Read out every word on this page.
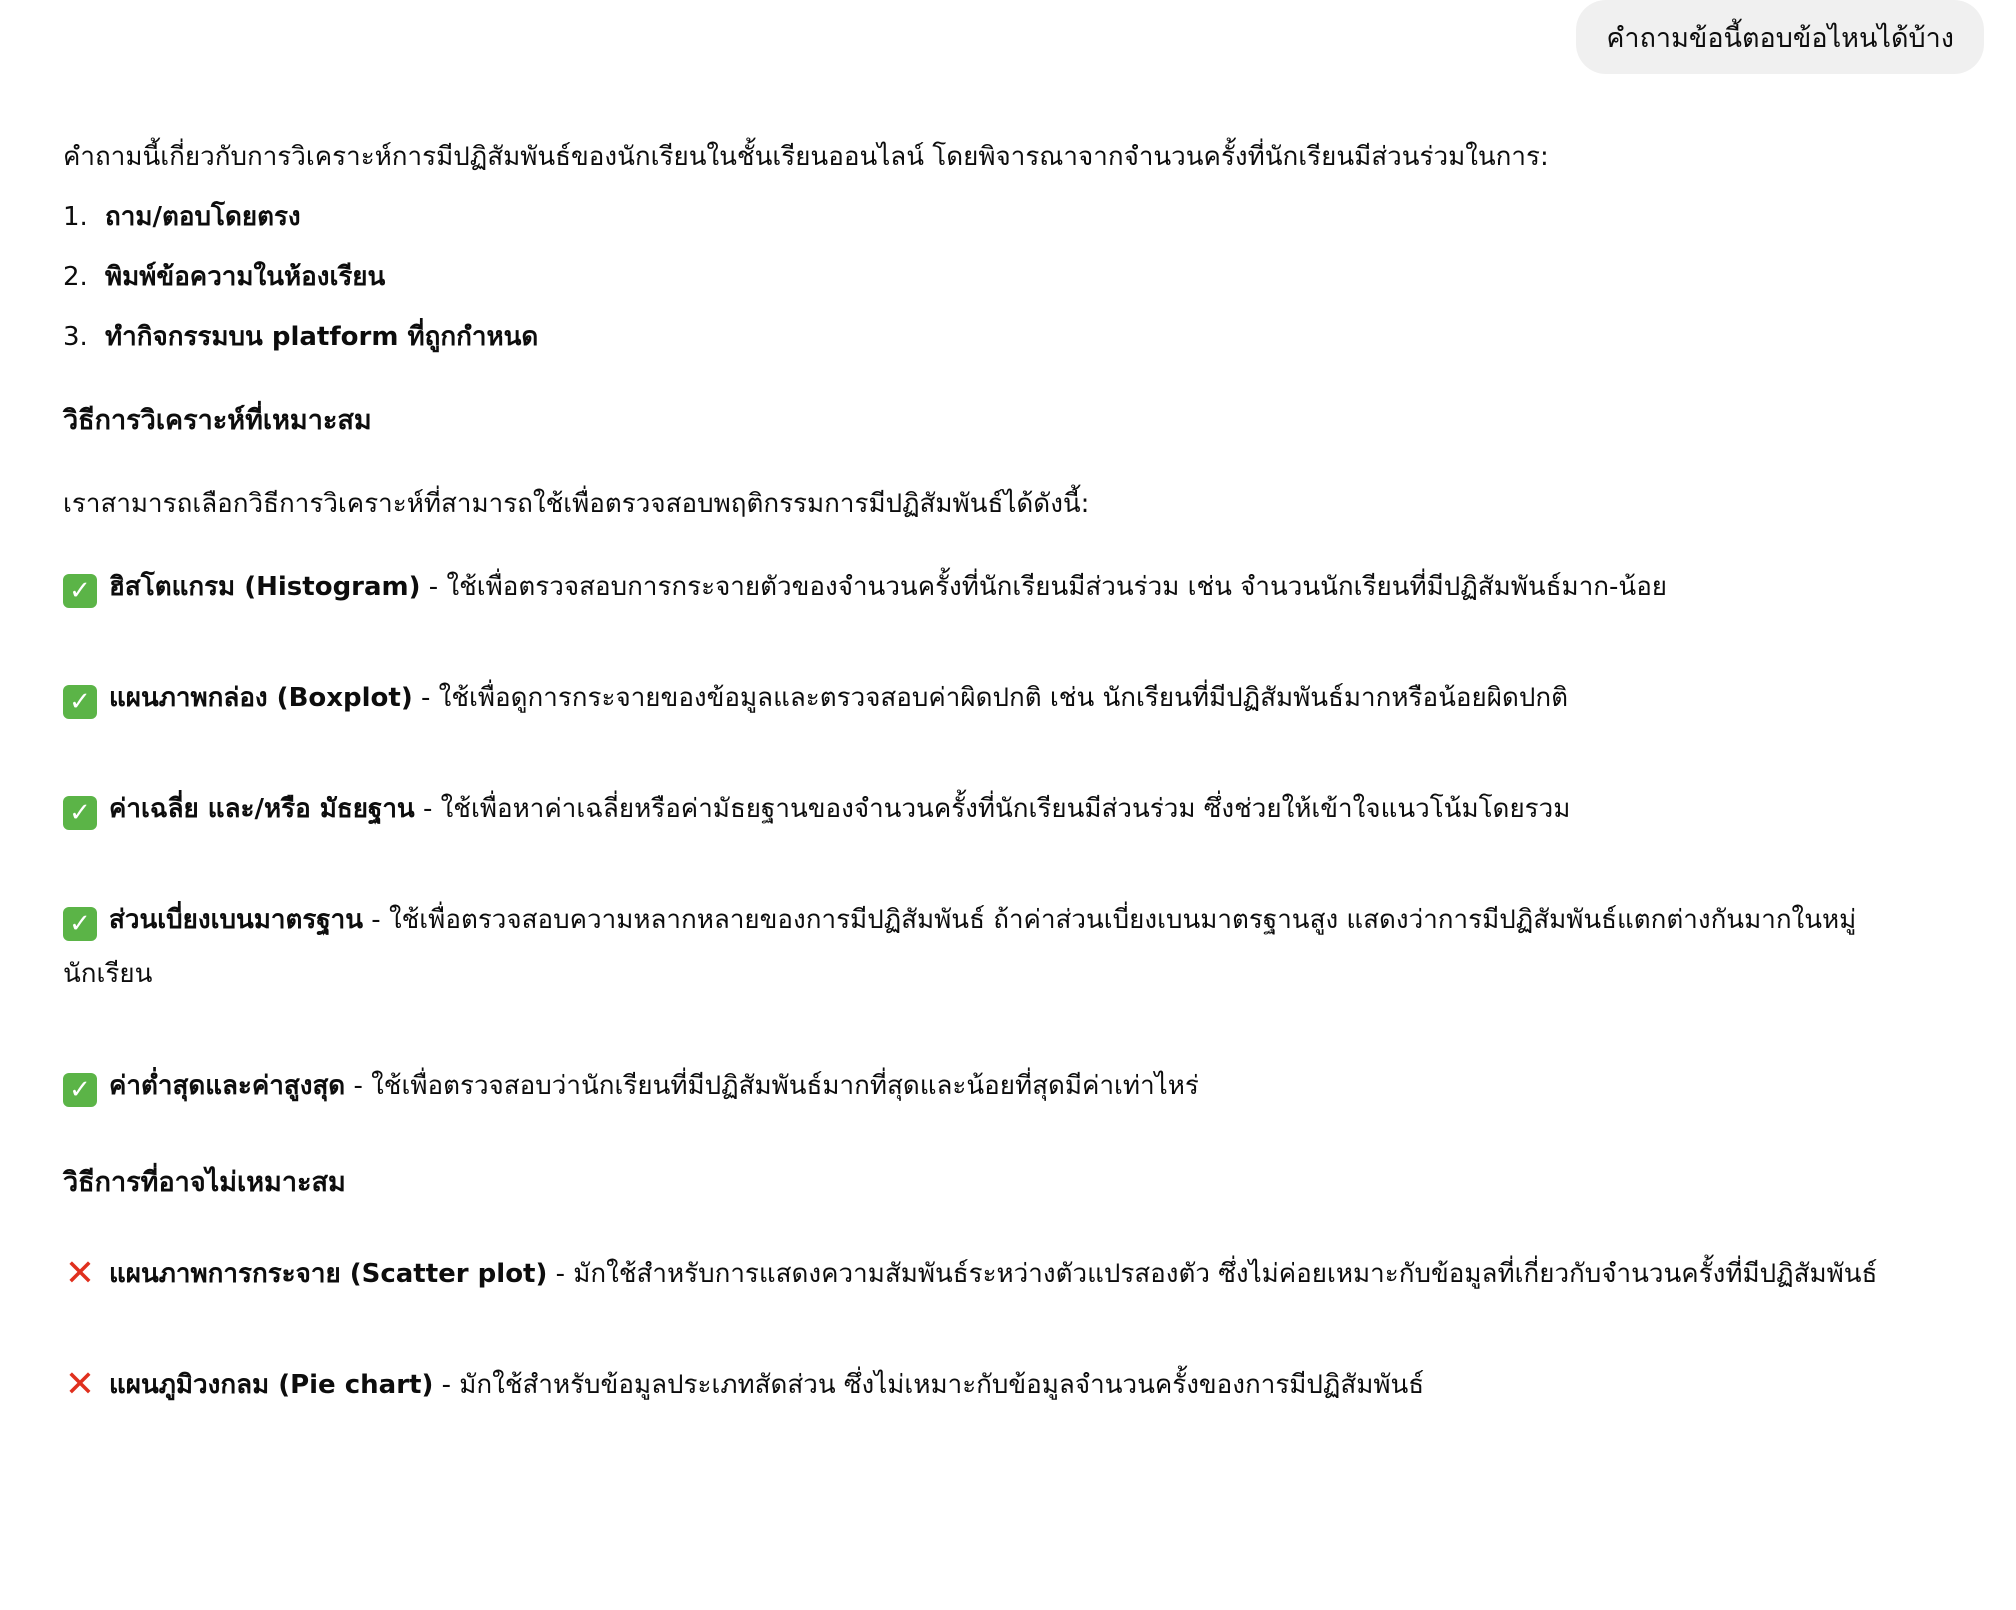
คำถามข้อนี้ตอบข้อไหนได้บ้าง
คำถามนี้เกี่ยวกับการวิเคราะห์การมีปฏิสัมพันธ์ของนักเรียนในชั้นเรียนออนไลน์ โดยพิจารณาจากจำนวนครั้งที่นักเรียนมีส่วนร่วมในการ:
1. ถาม/ตอบโดยตรง
2. พิมพ์ข้อความในห้องเรียน
3. ทำกิจกรรมบน platform ที่ถูกกำหนด
วิธีการวิเคราะห์ที่เหมาะสม
เราสามารถเลือกวิธีการวิเคราะห์ที่สามารถใช้เพื่อตรวจสอบพฤติกรรมการมีปฏิสัมพันธ์ได้ดังนี้:
✓ ฮิสโตแกรม (Histogram) - ใช้เพื่อตรวจสอบการกระจายตัวของจำนวนครั้งที่นักเรียนมีส่วนร่วม เช่น จำนวนนักเรียนที่มีปฏิสัมพันธ์มาก-น้อย
✓ แผนภาพกล่อง (Boxplot) - ใช้เพื่อดูการกระจายของข้อมูลและตรวจสอบค่าผิดปกติ เช่น นักเรียนที่มีปฏิสัมพันธ์มากหรือน้อยผิดปกติ
✓ ค่าเฉลี่ย และ/หรือ มัธยฐาน - ใช้เพื่อหาค่าเฉลี่ยหรือค่ามัธยฐานของจำนวนครั้งที่นักเรียนมีส่วนร่วม ซึ่งช่วยให้เข้าใจแนวโน้มโดยรวม
✓ ส่วนเบี่ยงเบนมาตรฐาน - ใช้เพื่อตรวจสอบความหลากหลายของการมีปฏิสัมพันธ์ ถ้าค่าส่วนเบี่ยงเบนมาตรฐานสูง แสดงว่าการมีปฏิสัมพันธ์แตกต่างกันมากในหมู่นักเรียน
✓ ค่าต่ำสุดและค่าสูงสุด - ใช้เพื่อตรวจสอบว่านักเรียนที่มีปฏิสัมพันธ์มากที่สุดและน้อยที่สุดมีค่าเท่าไหร่
วิธีการที่อาจไม่เหมาะสม
✕ แผนภาพการกระจาย (Scatter plot) - มักใช้สำหรับการแสดงความสัมพันธ์ระหว่างตัวแปรสองตัว ซึ่งไม่ค่อยเหมาะกับข้อมูลที่เกี่ยวกับจำนวนครั้งที่มีปฏิสัมพันธ์
✕ แผนภูมิวงกลม (Pie chart) - มักใช้สำหรับข้อมูลประเภทสัดส่วน ซึ่งไม่เหมาะกับข้อมูลจำนวนครั้งของการมีปฏิสัมพันธ์
